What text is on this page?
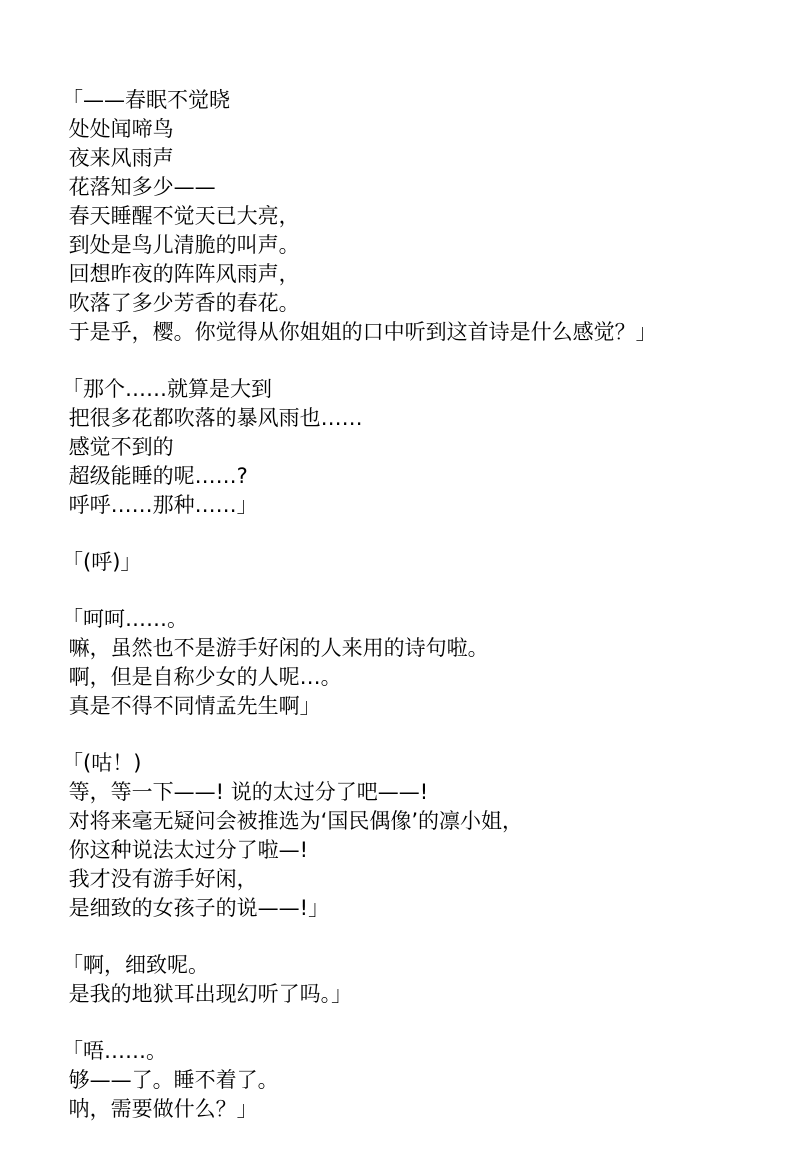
「——春眠不觉晓
处处闻啼鸟
夜来风雨声
花落知多少——
春天睡醒不觉天已大亮，
到处是鸟儿清脆的叫声。
回想昨夜的阵阵风雨声，
吹落了多少芳香的春花。
于是乎，樱。你觉得从你姐姐的口中听到这首诗是什么感觉？」
「那个……就算是大到
把很多花都吹落的暴风雨也……
感觉不到的
超级能睡的呢……?
呼呼……那种……」
「(呼)」
「呵呵……。
嘛，虽然也不是游手好闲的人来用的诗句啦。
啊，但是自称少女的人呢…。
真是不得不同情孟先生啊」
「(咕！)
等，等一下——! 说的太过分了吧——!
对将来毫无疑问会被推选为‘国民偶像’的凛小姐，
你这种说法太过分了啦—!
我才没有游手好闲，
是细致的女孩子的说——!」
「啊，细致呢。
是我的地狱耳出现幻听了吗。」
「唔……。
够——了。睡不着了。
呐，需要做什么？」
